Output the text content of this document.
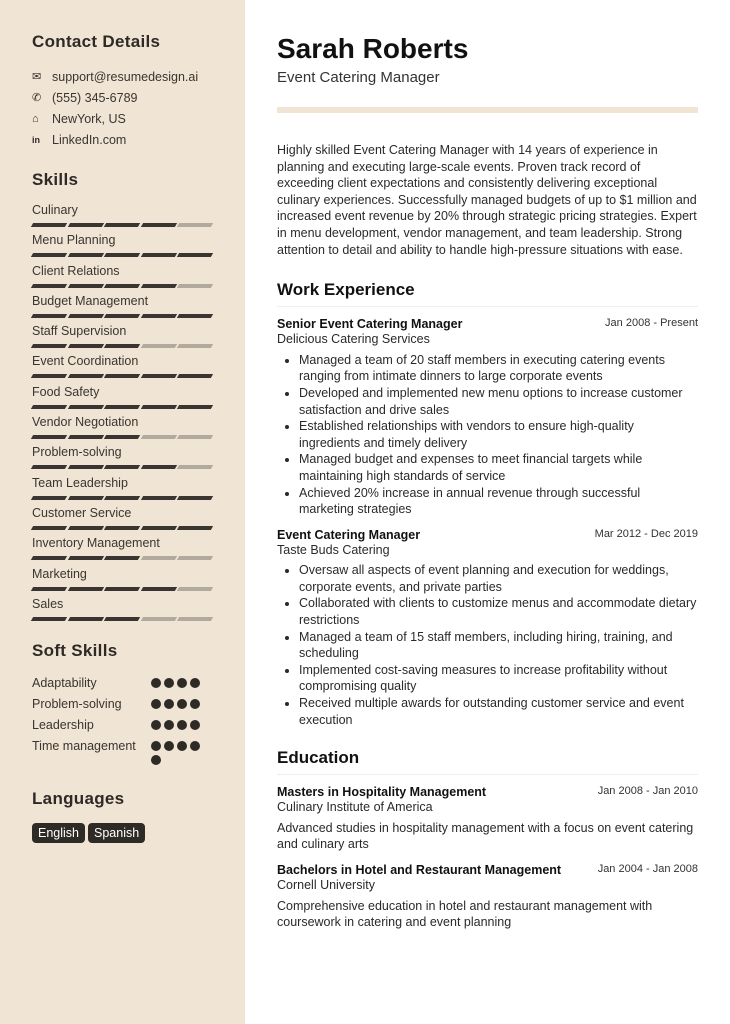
Contact Details
✉ support@resumedesign.ai
✆ (555) 345-6789
⌂	NewYork, US
in LinkedIn.com
Skills
Culinary
Menu Planning
Client Relations
Budget Management
Staff Supervision
Event Coordination
Food Safety
Vendor Negotiation
Problem-solving
Team Leadership
Customer Service
Inventory Management
Marketing
Sales
Soft Skills
Adaptability
Problem-solving
Leadership
Time management
Languages
English Spanish
Sarah Roberts
Event Catering Manager

Highly skilled Event Catering Manager with 14 years of experience in planning and executing large-scale events. Proven track record of exceeding client expectations and consistently delivering exceptional culinary experiences. Successfully managed budgets of up to $1 million and increased event revenue by 20% through strategic pricing strategies. Expert in menu development, vendor management, and team leadership. Strong attention to detail and ability to handle high-pressure situations with ease.

Work Experience
Senior Event Catering Manager	Jan 2008 - Present
Delicious Catering Services
• Managed a team of 20 staff members in executing catering events ranging from intimate dinners to large corporate events
• Developed and implemented new menu options to increase customer satisfaction and drive sales
• Established relationships with vendors to ensure high-quality ingredients and timely delivery
• Managed budget and expenses to meet financial targets while maintaining high standards of service
• Achieved 20% increase in annual revenue through successful marketing strategies
Event Catering Manager	Mar 2012 - Dec 2019
Taste Buds Catering
• Oversaw all aspects of event planning and execution for weddings, corporate events, and private parties
• Collaborated with clients to customize menus and accommodate dietary restrictions
• Managed a team of 15 staff members, including hiring, training, and scheduling
• Implemented cost-saving measures to increase profitability without compromising quality
• Received multiple awards for outstanding customer service and event execution
Education
Masters in Hospitality Management	Jan 2008 - Jan 2010
Culinary Institute of America
Advanced studies in hospitality management with a focus on event catering and culinary arts
Bachelors in Hotel and Restaurant Management	Jan 2004 - Jan 2008
Cornell University
Comprehensive education in hotel and restaurant management with coursework in catering and event planning
